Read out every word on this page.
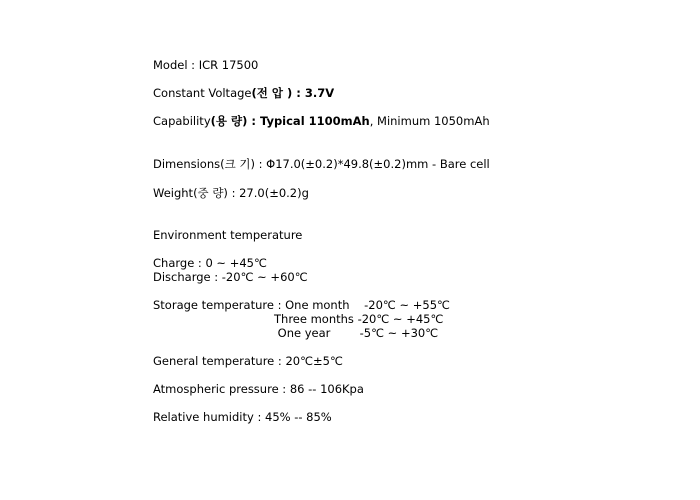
Model : ICR 17500
Constant Voltage(전 압 ) : 3.7V
Capability(용 량) : Typical 1100mAh, Minimum 1050mAh
Dimensions(크 기) : Φ17.0(±0.2)*49.8(±0.2)mm - Bare cell
Weight(중 량) : 27.0(±0.2)g
Environment temperature
Charge : 0 ~ +45℃
Discharge : -20℃ ~ +60℃
Storage temperature : One month    -20℃ ~ +55℃
Three months -20℃ ~ +45℃
One year        -5℃ ~ +30℃
General temperature : 20℃±5℃
Atmospheric pressure : 86 -- 106Kpa
Relative humidity : 45% -- 85%
